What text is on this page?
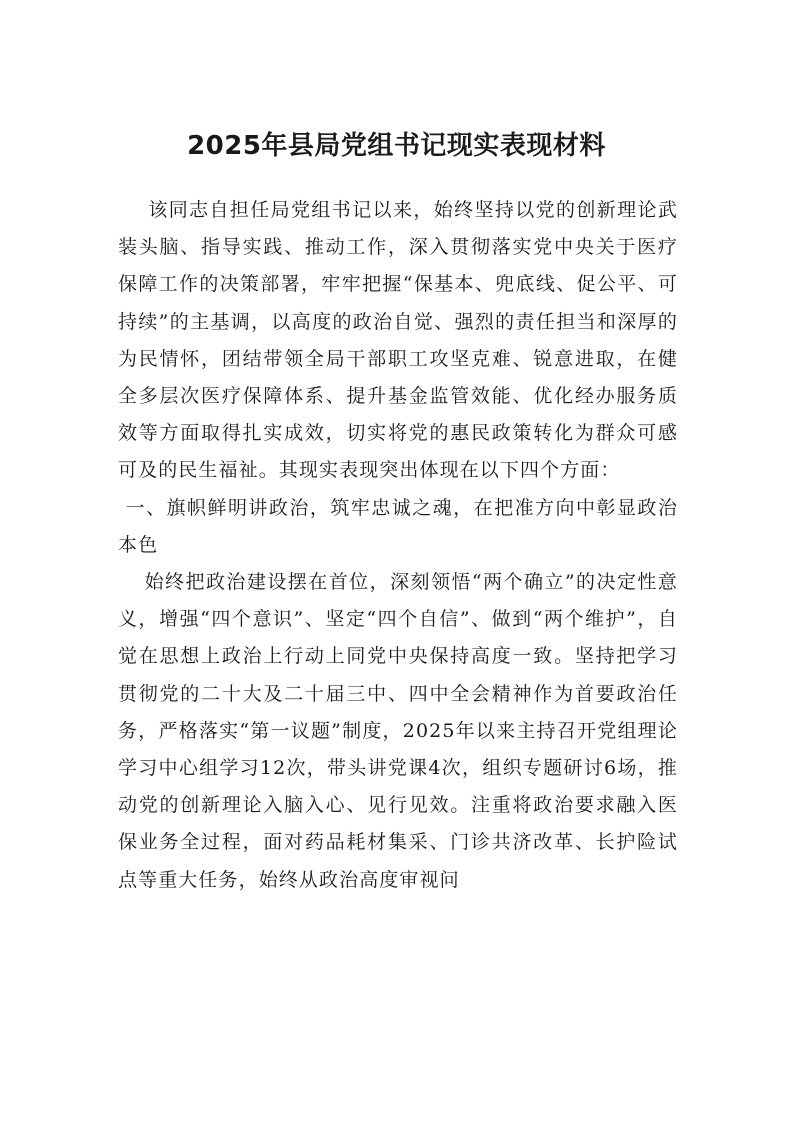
2025年县局党组书记现实表现材料

该同志自担任局党组书记以来，始终坚持以党的创新理论武装头脑、指导实践、推动工作，深入贯彻落实党中央关于医疗保障工作的决策部署，牢牢把握“保基本、兜底线、促公平、可持续”的主基调，以高度的政治自觉、强烈的责任担当和深厚的为民情怀，团结带领全局干部职工攻坚克难、锐意进取，在健全多层次医疗保障体系、提升基金监管效能、优化经办服务质效等方面取得扎实成效，切实将党的惠民政策转化为群众可感可及的民生福祉。其现实表现突出体现在以下四个方面：

一、旗帜鲜明讲政治，筑牢忠诚之魂，在把准方向中彰显政治本色

始终把政治建设摆在首位，深刻领悟“两个确立”的决定性意义，增强“四个意识”、坚定“四个自信”、做到“两个维护”，自觉在思想上政治上行动上同党中央保持高度一致。坚持把学习贯彻党的二十大及二十届三中、四中全会精神作为首要政治任务，严格落实“第一议题”制度，2025年以来主持召开党组理论学习中心组学习12次，带头讲党课4次，组织专题研讨6场，推动党的创新理论入脑入心、见行见效。注重将政治要求融入医保业务全过程，面对药品耗材集采、门诊共济改革、长护险试点等重大任务，始终从政治高度审视问
